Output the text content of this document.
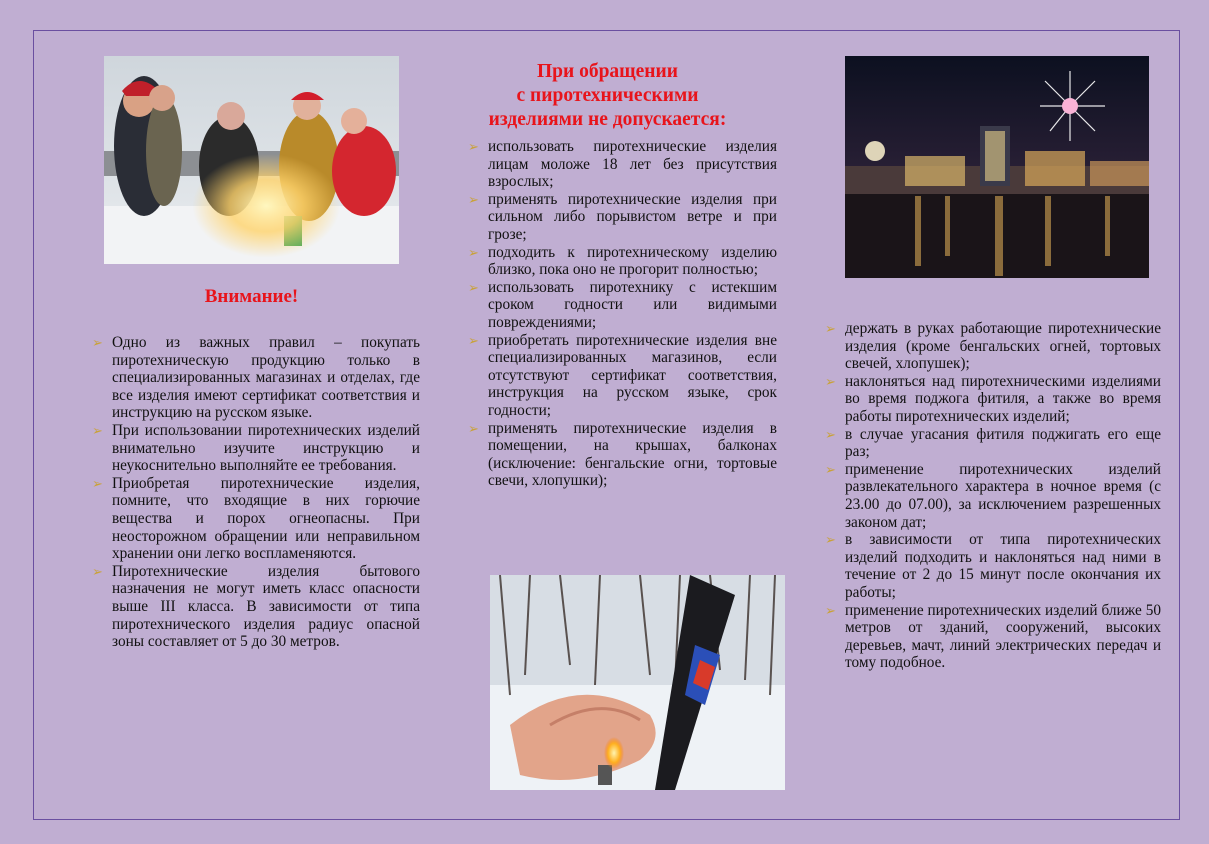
Внимание!
➢ Одно из важных правил – покупать пиротехническую продукцию только в специализированных магазинах и отделах, где все изделия имеют сертификат соответствия и инструкцию на русском языке.
➢ При использовании пиротехнических изделий внимательно изучите инструкцию и неукоснительно выполняйте ее требования.
➢ Приобретая пиротехнические изделия, помните, что входящие в них горючие вещества и порох огнеопасны. При неосторожном обращении или неправильном хранении они легко воспламеняются.
➢ Пиротехнические изделия бытового назначения не могут иметь класс опасности выше III класса. В зависимости от типа пиротехнического изделия радиус опасной зоны составляет от 5 до 30 метров.
При обращении
с пиротехническими
изделиями не допускается:
➢ использовать пиротехнические изделия лицам моложе 18 лет без присутствия взрослых;
➢ применять пиротехнические изделия при сильном либо порывистом ветре и при грозе;
➢ подходить к пиротехническому изделию близко, пока оно не прогорит полностью;
➢ использовать пиротехнику с истекшим сроком годности или видимыми повреждениями;
➢ приобретать пиротехнические изделия вне специализированных магазинов, если отсутствуют сертификат соответствия, инструкция на русском языке, срок годности;
➢ применять пиротехнические изделия в помещении, на крышах, балконах (исключение: бенгальские огни, тортовые свечи, хлопушки);
➢ держать в руках работающие пиротехнические изделия (кроме бенгальских огней, тортовых свечей, хлопушек);
➢ наклоняться над пиротехническими изделиями во время поджога фитиля, а также во время работы пиротехнических изделий;
➢ в случае угасания фитиля поджигать его еще раз;
➢ применение пиротехнических изделий развлекательного характера в ночное время (с 23.00 до 07.00), за исключением разрешенных законом дат;
➢ в зависимости от типа пиротехнических изделий подходить и наклоняться над ними в течение от 2 до 15 минут после окончания их работы;
➢ применение пиротехнических изделий ближе 50 метров от зданий, сооружений, высоких деревьев, мачт, линий электрических передач и тому подобное.
